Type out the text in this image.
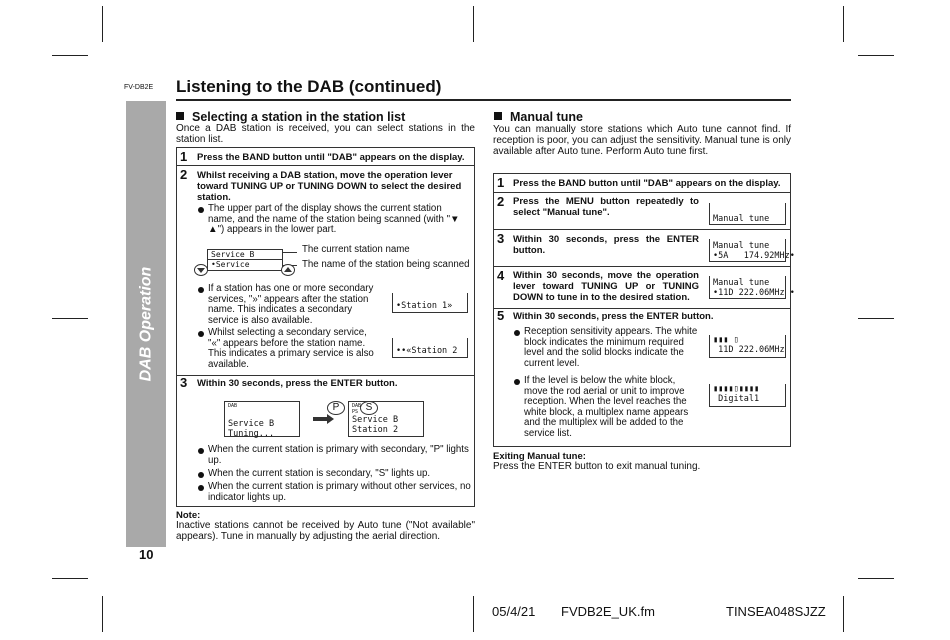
FV-DB2E Listening to the DAB (continued)
DAB Operation
10
Selecting a station in the station list
Once a DAB station is received, you can select stations in the station list.
1 Press the BAND button until "DAB" appears on the display.
2 Whilst receiving a DAB station, move the operation lever toward TUNING UP or TUNING DOWN to select the desired station.
The upper part of the display shows the current station name, and the name of the station being scanned (with "▼ ▲") appears in the lower part.
Service B
•Service
The current station name
The name of the station being scanned
If a station has one or more secondary services, "»" appears after the station name. This indicates a secondary service is also available.
•Station 1»
Whilst selecting a secondary service, "«" appears before the station name. This indicates a primary service is also available.
••«Station 2
3 Within 30 seconds, press the ENTER button.
DAB

Service B
Tuning...
P	S
DAB
PS
Service B
Station 2
When the current station is primary with secondary, "P" lights up.
When the current station is secondary, "S" lights up.
When the current station is primary without other services, no indicator lights up.
Note:
Inactive stations cannot be received by Auto tune ("Not available" appears). Tune in manually by adjusting the aerial direction.
Manual tune
You can manually store stations which Auto tune cannot find. If reception is poor, you can adjust the sensitivity. Manual tune is only available after Auto tune. Perform Auto tune first.
1 Press the BAND button until "DAB" appears on the display.
2 Press the MENU button repeatedly to select "Manual tune".
Manual tune
3 Within 30 seconds, press the ENTER button.	Manual tune
•5A   174.92MHz•
4 Within 30 seconds, move the operation lever toward TUNING UP or TUNING DOWN to tune in to the desired station.
Manual tune
•11D 222.06MHz •
5 Within 30 seconds, press the ENTER button.
Reception sensitivity appears. The white block indicates the minimum required level and the solid blocks indicate the current level.
▮▮▮ ▯
11D 222.06MHz
If the level is below the white block, move the rod aerial or unit to improve reception. When the level reaches the white block, a multiplex name appears and the multiplex will be added to the service list.
▮▮▮▮▯▮▮▮▮
Digital1
Exiting Manual tune:
Press the ENTER button to exit manual tuning.
05/4/21 FVDB2E_UK.fm	TINSEA048SJZZ
